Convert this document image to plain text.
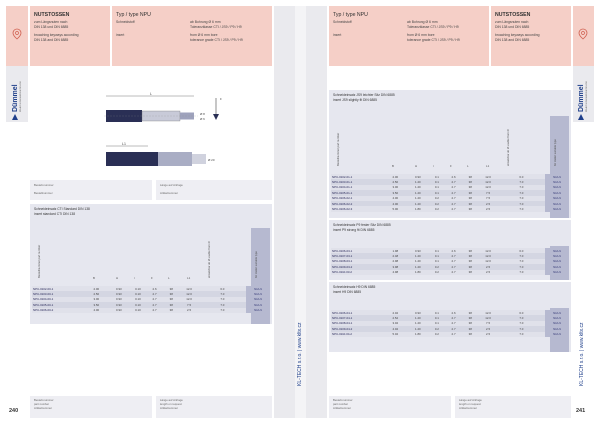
Dümmel PRÄZISIONSWERKZEUGE
240
NUTSTOSSEN
zum Längsnuten nach
DIN 138 und DIN 6885
broaching keyways according
DIN 138 and DIN 6885
Typ / type NPU
Schneidstoff
insert
ab Bohrung Ø 6 mm
Toleranzklasse CTI / JS9 / P9 / H9
from Ø 6 mm bore
tolerance grade CTI / JS9 / P9 / H9
L
Ø 8
Ø 6
F
L1
Ø 20
Bestell-nummer
Bestellnummer
Länge auf Anfrage
Artikelnummer
Schneideinsatz CTI Standard DIN 138
insert standard CTI DIN 138
Bestellnummer part number	B	H	r	F	L	L1	einsetzbar ab Ø usable from Ø	für Halter suitable type
NPU-0102-00-1	2.00	0.93	0.10	2.6	38	12.0	6.0	NHU1
NPU-0103-00-1	2.50	0.93	0.10	2.7	38	12.0	7.0	NHU1
NPU-0104-00-1	3.00	0.93	0.10	2.7	38	12.0	7.0	NHU1
NPU-0105-00-1	3.50	0.93	0.10	2.7	38	7.5	7.0	NHU1
NPU-0106-00-2	4.00	0.93	0.10	2.7	38	2.5	7.0	NHU1
Bestell-nummer
part number
Artikelnummer
Länge auf Anfrage
length on request
Artikelnummer
KL-TECH s.r.o. | www.kltx.cz
Typ / type NPU
Schneidstoff
insert
ab Bohrung Ø 6 mm
Toleranzklasse CTI / JS9 / P9 / H9
from Ø 6 mm bore
tolerance grade CTI / JS9 / P9 / H9
NUTSTOSSEN
zum Längsnuten nach
DIN 138 und DIN 6885
broaching keyways according
DIN 138 and DIN 6885
Dümmel PRÄZISIONSWERKZEUGE
KL-TECH s.r.o. | www.kltx.cz
241
Schneideinsatz JS9 leichter Sitz DIN 6885
insert JS9 slightly fit DIN 6885
Bestellnummer part number	B	H	r	F	L	L1	einsetzbar ab Ø usable from Ø	für Halter suitable type
NPU-0102-01-1	2.00	0.93	0.1	2.6	38	12.0	6.0	NHU1
NPU-0103-01-1	2.50	1.20	0.1	2.7	38	12.0	7.0	NHU1
NPU-0104-01-1	3.00	1.20	0.1	2.7	38	12.0	7.0	NHU1
NPU-0105-01-1	3.50	1.20	0.1	2.7	38	7.5	7.0	NHU1
NPU-0106-02-1	4.00	1.20	0.2	2.7	38	7.5	7.0	NHU1
NPU-0106-02-2	4.00	1.20	0.2	2.7	38	2.5	7.0	NHU1
NPU-0106-02-3	5.00	1.80	0.2	2.7	38	2.5	7.0	NHU1
Schneideinsatz P9 fester Sitz DIN 6885
insert P9 strong fit DIN 6885
NPU-0106-03-1	1.98	0.93	0.1	2.6	38	12.0	6.0	NHU1
NPU-0107-03-1	2.48	1.20	0.1	2.7	38	12.0	7.0	NHU1
NPU-0108-03-1	2.98	1.20	0.1	2.7	38	12.0	7.0	NHU1
NPU-0109-03-2	3.98	1.20	0.2	2.7	38	2.5	7.0	NHU1
NPU-0110-03-2	4.98	1.80	0.2	2.7	38	2.5	7.0	NHU1
Schneideinsatz H9 DIN 6885
insert H9 DIN 6885
NPU-0106-04-1	2.02	0.93	0.1	2.6	38	12.0	6.0	NHU1
NPU-0107-04-1	2.52	1.20	0.1	2.7	38	12.0	7.0	NHU1
NPU-0108-04-1	3.02	1.20	0.1	2.7	38	7.5	7.0	NHU1
NPU-0109-04-2	4.02	1.20	0.2	2.7	38	2.5	7.0	NHU1
NPU-0110-04-2	5.02	1.80	0.2	2.7	38	2.5	7.0	NHU1
Bestell-nummer
part number
Artikelnummer
Länge auf Anfrage
length on request
Artikelnummer
